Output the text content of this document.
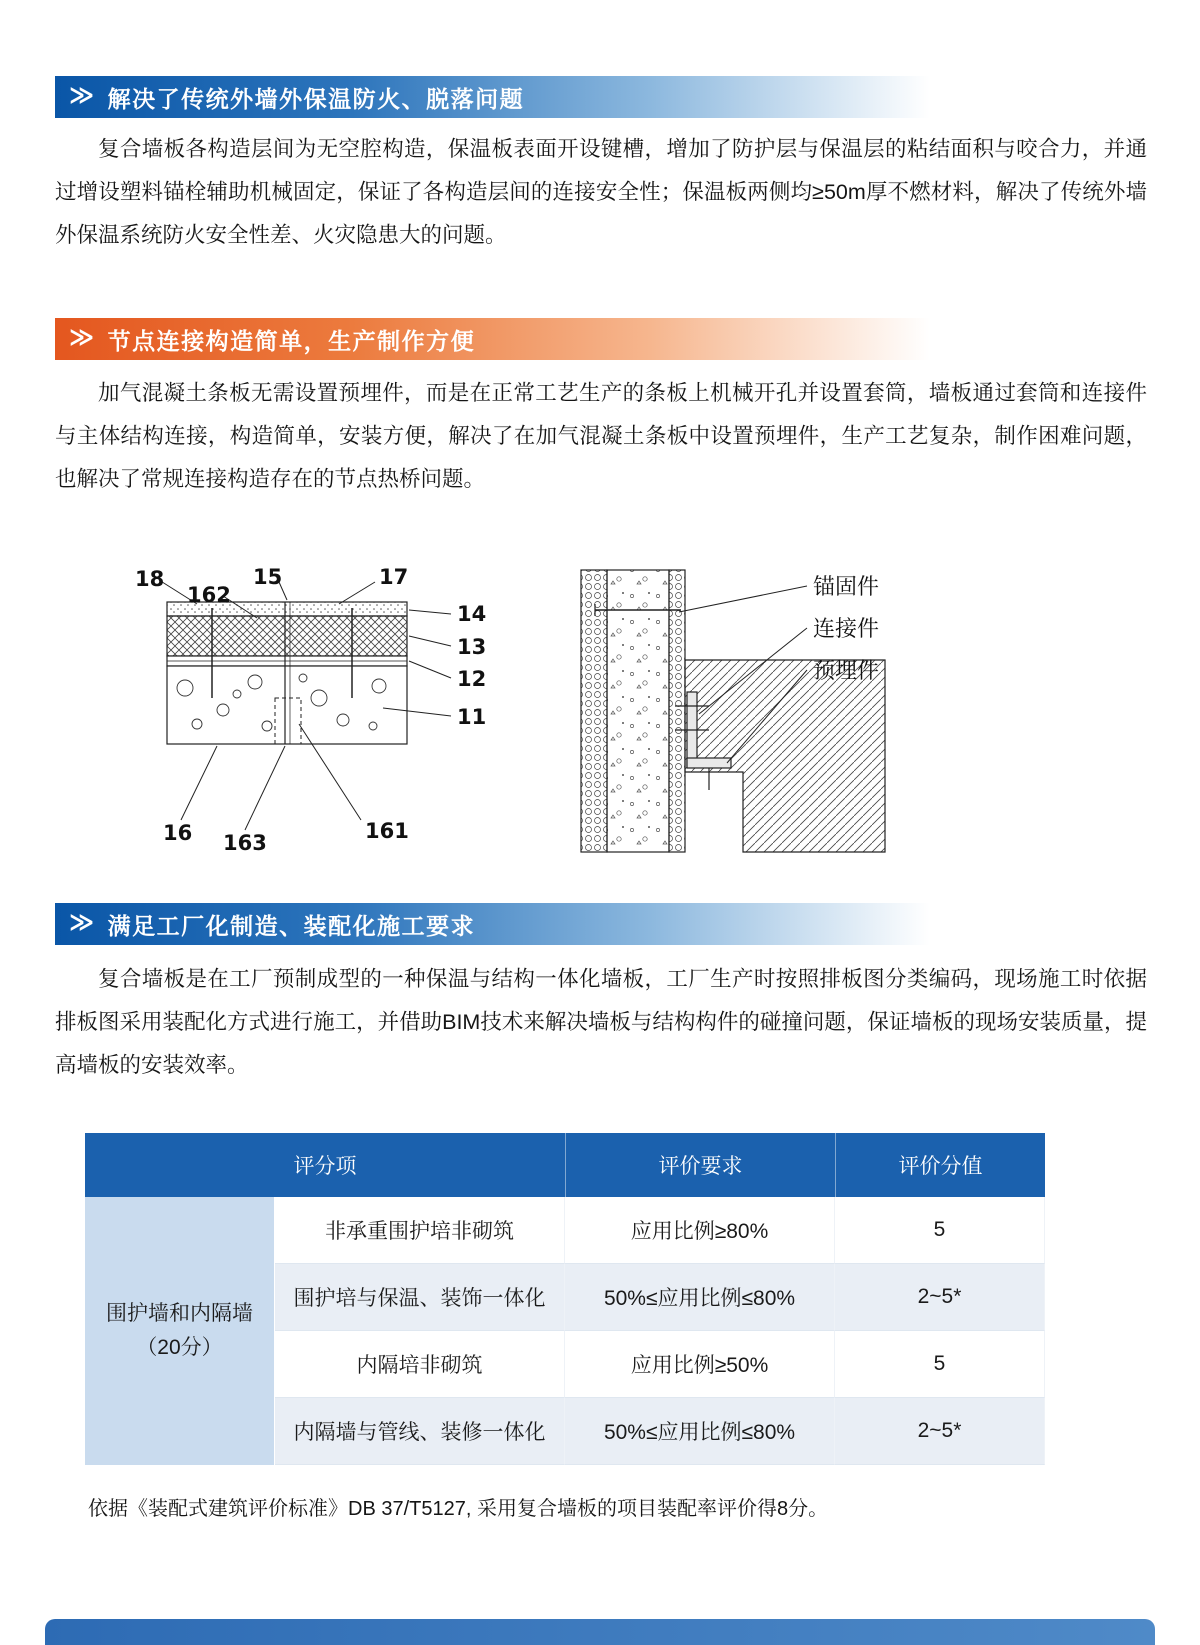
≫ 解决了传统外墙外保温防火、脱落问题
复合墙板各构造层间为无空腔构造，保温板表面开设键槽，增加了防护层与保温层的粘结面积与咬合力，并通过增设塑料锚栓辅助机械固定，保证了各构造层间的连接安全性；保温板两侧均≥50m厚不燃材料，解决了传统外墙外保温系统防火安全性差、火灾隐患大的问题。
≫ 节点连接构造简单，生产制作方便
加气混凝土条板无需设置预埋件，而是在正常工艺生产的条板上机械开孔并设置套筒，墙板通过套筒和连接件与主体结构连接，构造简单，安装方便，解决了在加气混凝土条板中设置预埋件，生产工艺复杂，制作困难问题，也解决了常规连接构造存在的节点热桥问题。
18
162
15	17
14
13
12
11
16 163	161
锚固件
连接件
预埋件
≫ 满足工厂化制造、装配化施工要求
复合墙板是在工厂预制成型的一种保温与结构一体化墙板，工厂生产时按照排板图分类编码，现场施工时依据排板图采用装配化方式进行施工，并借助BIM技术来解决墙板与结构构件的碰撞问题，保证墙板的现场安装质量，提高墙板的安装效率。
评分项	评价要求	评价分值
围护墙和内隔墙
（20分）
非承重围护培非砌筑	应用比例≥80%	5
围护培与保温、装饰一体化	50%≤应用比例≤80%	2~5*
内隔培非砌筑	应用比例≥50%	5
内隔墙与管线、装修一体化	50%≤应用比例≤80%	2~5*
依据《装配式建筑评价标准》DB 37/T5127, 采用复合墙板的项目装配率评价得8分。
